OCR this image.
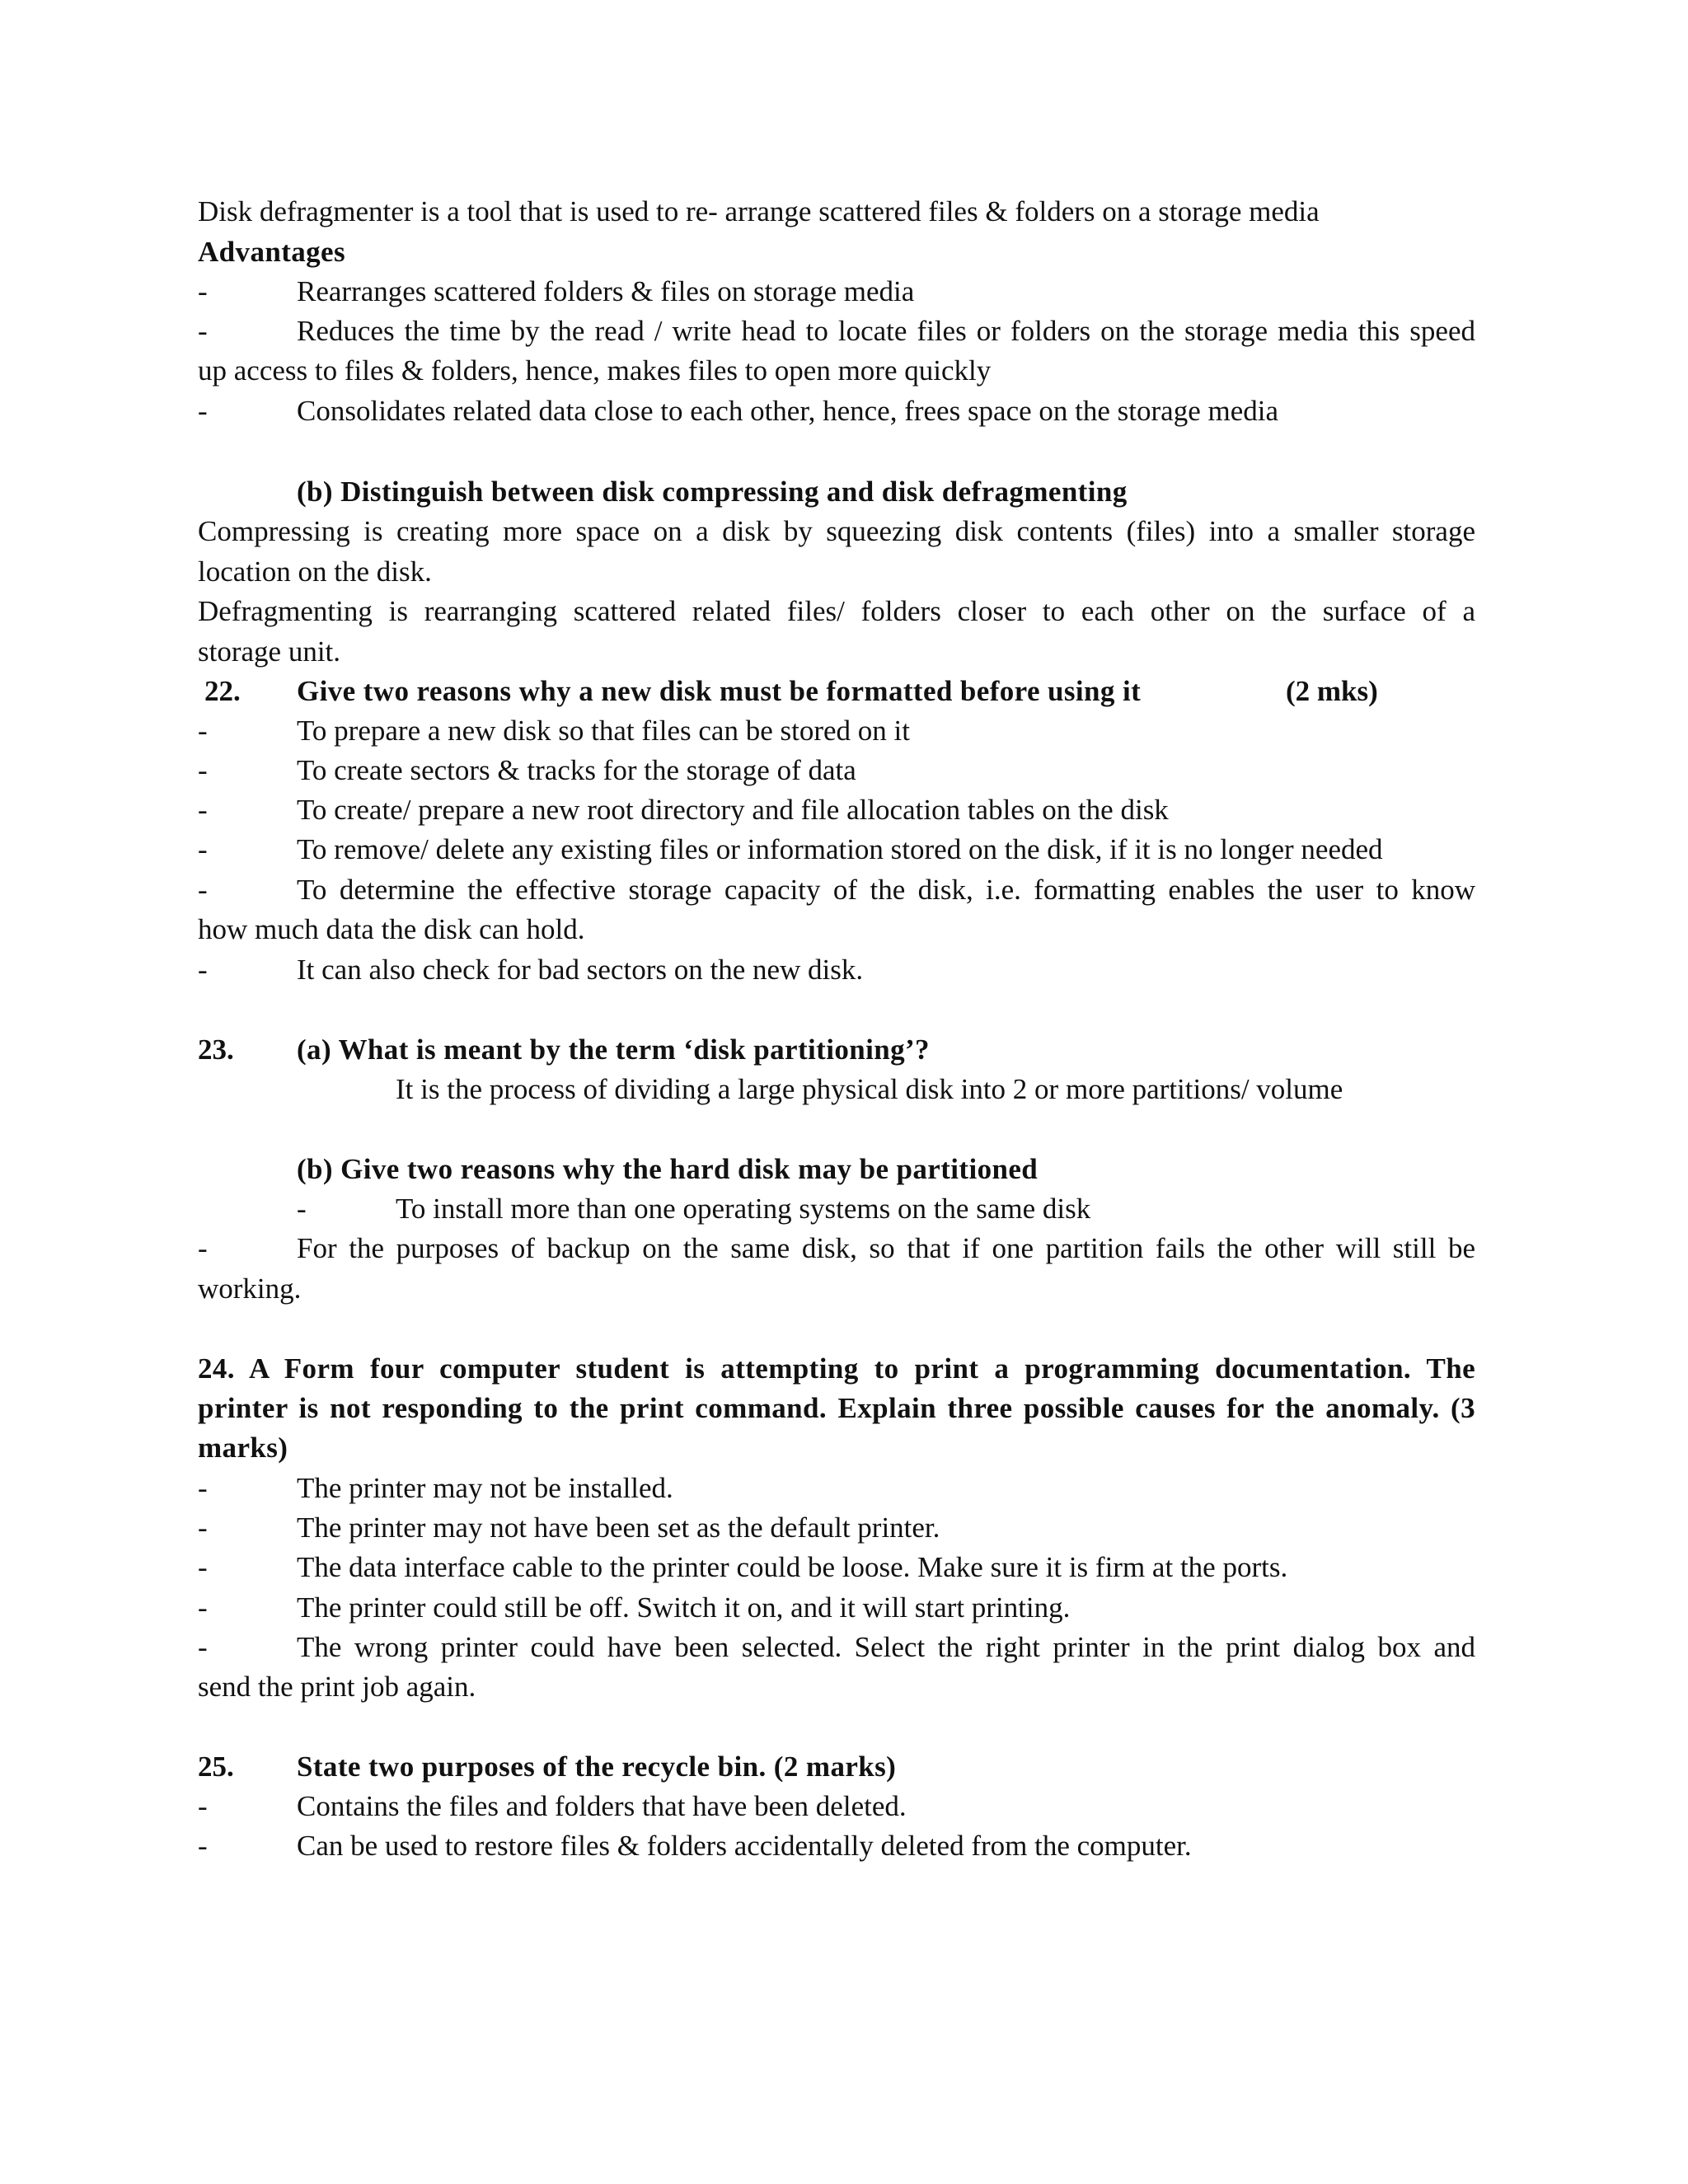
Disk defragmenter is a tool that is used to re- arrange scattered files & folders on a storage media
Advantages
-	Rearranges scattered folders & files on storage media
-	Reduces the time by the read / write head to locate files or folders on the storage media this speed
up access to files & folders, hence, makes files to open more quickly
-	Consolidates related data close to each other, hence, frees space on the storage media
(b) Distinguish between disk compressing and disk defragmenting
Compressing is creating more space on a disk by squeezing disk contents (files) into a smaller storage
location on the disk.
Defragmenting is rearranging scattered related files/ folders closer to each other on the surface of a
storage unit.
22. Give two reasons why a new disk must be formatted before using it	(2 mks)
-	To prepare a new disk so that files can be stored on it
-	To create sectors & tracks for the storage of data
-	To create/ prepare a new root directory and file allocation tables on the disk
-	To remove/ delete any existing files or information stored on the disk, if it is no longer needed
-	To determine the effective storage capacity of the disk, i.e. formatting enables the user to know
how much data the disk can hold.
-	It can also check for bad sectors on the new disk.
23. (a) What is meant by the term ‘disk partitioning’?
It is the process of dividing a large physical disk into 2 or more partitions/ volume
(b) Give two reasons why the hard disk may be partitioned
-	To install more than one operating systems on the same disk
-	For the purposes of backup on the same disk, so that if one partition fails the other will still be
working.
24. A Form four computer student is attempting to print a programming documentation. The
printer is not responding to the print command. Explain three possible causes for the anomaly. (3
marks)
-	The printer may not be installed.
-	The printer may not have been set as the default printer.
-	The data interface cable to the printer could be loose. Make sure it is firm at the ports.
-	The printer could still be off. Switch it on, and it will start printing.
-	The wrong printer could have been selected. Select the right printer in the print dialog box and
send the print job again.
25. State two purposes of the recycle bin. (2 marks)
-	Contains the files and folders that have been deleted.
-	Can be used to restore files & folders accidentally deleted from the computer.
